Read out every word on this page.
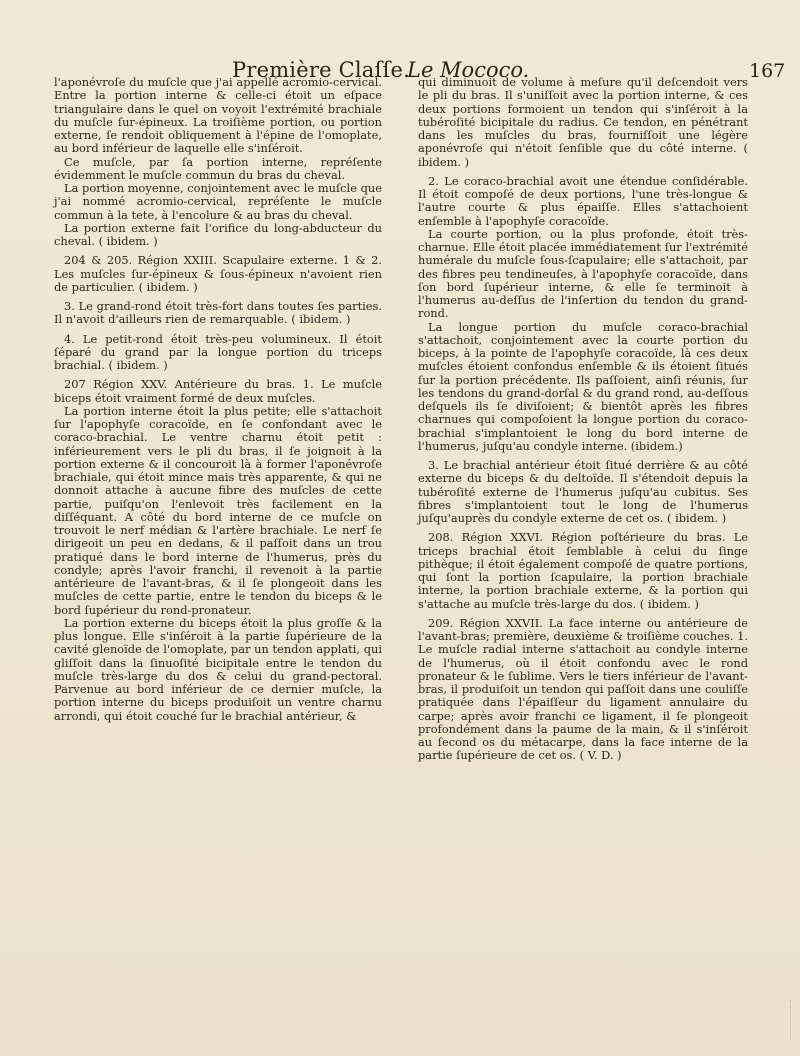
Première Claſſe.
Le Mococo.	167

l'aponévroſe du muſcle que j'ai appellé acromio-cervical. Entre la portion interne & celle-ci étoit un eſpace triangulaire dans le quel on voyoit l'extrémité brachiale du muſcle ſur-épineux. La troiſième portion, ou portion externe, ſe rendoit obliquement à l'épine de l'omoplate, au bord inférieur de laquelle elle s'inſéroit.

Ce muſcle, par ſa portion interne, repréſente évidemment le muſcle commun du bras du cheval.

La portion moyenne, conjointement avec le muſcle que j'ai nommé acromio-cervical, repréſente le muſcle commun à la tete, à l'encolure & au bras du cheval.

La portion externe fait l'orifice du long-abducteur du cheval. ( ibidem. )

204 & 205. Région XXIII. Scapulaire externe. 1 & 2. Les muſcles ſur-épineux & ſous-épineux n'avoient rien de particulier. ( ibidem. )

3. Le grand-rond étoit très-fort dans toutes ſes parties. Il n'avoit d'ailleurs rien de remarquable. ( ibidem. )

4. Le petit-rond étoit très-peu volumineux. Il étoit ſéparé du grand par la longue portion du triceps brachial. ( ibidem. )

207 Région XXV. Antérieure du bras. 1. Le muſcle biceps étoit vraiment formé de deux muſcles.

La portion interne étoit la plus petite; elle s'attachoit ſur l'apophyſe coracoïde, en ſe confondant avec le coraco-brachial. Le ventre charnu étoit petit : inférieurement vers le pli du bras, il ſe joignoit à la portion externe & il concouroit là à former l'aponévroſe brachiale, qui étoit mince mais très apparente, & qui ne donnoit attache à aucune fibre des muſcles de cette partie, puiſqu'on l'enlevoit très facilement en la diſſéquant. A côté du bord interne de ce muſcle on trouvoit le nerf médian & l'artère brachiale. Le nerf ſe dirigeoit un peu en dedans, & il paſſoit dans un trou pratiqué dans le bord interne de l'humerus, près du condyle; après l'avoir franchi, il revenoit à la partie antérieure de l'avant-bras, & il ſe plongeoit dans les muſcles de cette partie, entre le tendon du biceps & le bord ſupérieur du rond-pronateur.

La portion externe du biceps étoit la plus groſſe & la plus longue. Elle s'inſéroit à la partie ſupérieure de la cavité glenoïde de l'omoplate, par un tendon applati, qui gliſſoit dans la ſinuoſité bicipitale entre le tendon du muſcle très-large du dos & celui du grand-pectoral. Parvenue au bord inférieur de ce dernier muſcle, la portion interne du biceps produiſoit un ventre charnu arrondi, qui étoit couché ſur le brachial antérieur, &

qui diminuoit de volume à meſure qu'il deſcendoit vers le pli du bras. Il s'uniſſoit avec la portion interne, & ces deux portions formoient un tendon qui s'inſéroit à la tubéroſité bicipitale du radius. Ce tendon, en pénétrant dans les muſcles du bras, fourniſſoit une légère aponévroſe qui n'étoit ſenſible que du côté interne. ( ibidem. )

2. Le coraco-brachial avoit une étendue conſidérable. Il étoit compoſé de deux portions, l'une très-longue & l'autre courte & plus épaiſſe. Elles s'attachoient enſemble à l'apophyſe coracoïde.

La courte portion, ou la plus profonde, étoit très-charnue. Elle étoit placée immédiatement ſur l'extrémité humérale du muſcle ſous-ſcapulaire; elle s'attachoit, par des fibres peu tendineuſes, à l'apophyſe coracoïde, dans ſon bord ſupérieur interne, & elle ſe terminoit à l'humerus au-deſſus de l'inſertion du tendon du grand-rond.

La longue portion du muſcle coraco-brachial s'attachoit, conjointement avec la courte portion du biceps, à la pointe de l'apophyſe coracoïde, là ces deux muſcles étoient confondus enſemble & ils étoient ſitués ſur la portion précédente. Ils paſſoient, ainſi réunis, ſur les tendons du grand-dorſal & du grand rond, au-deſſous deſquels ils ſe diviſoient; & bientôt après les fibres charnues qui compoſoient la longue portion du coraco-brachial s'implantoient le long du bord interne de l'humerus, juſqu'au condyle interne. (ibidem.)

3. Le brachial antérieur étoit ſitué derrière & au côté externe du biceps & du deltoïde. Il s'étendoit depuis la tubéroſité externe de l'humerus juſqu'au cubitus. Ses fibres s'implantoient tout le long de l'humerus juſqu'auprès du condyle externe de cet os. ( ibidem. )

208. Région XXVI. Région poſtérieure du bras. Le triceps brachial étoit ſemblable à celui du ſinge pithèque; il étoit également compoſé de quatre portions, qui ſont la portion ſcapulaire, la portion brachiale interne, la portion brachiale externe, & la portion qui s'attache au muſcle très-large du dos. ( ibidem. )

209. Région XXVII. La face interne ou antérieure de l'avant-bras; première, deuxième & troiſième couches. 1. Le muſcle radial interne s'attachoit au condyle interne de l'humerus, où il étoit confondu avec le rond pronateur & le ſublime. Vers le tiers inférieur de l'avant-bras, il produiſoit un tendon qui paſſoit dans une couliſſe pratiquée dans l'épaiſſeur du ligament annulaire du carpe; après avoir franchi ce ligament, il ſe plongeoit profondément dans la paume de la main, & il s'inſéroit au ſecond os du métacarpe, dans la face interne de la partie ſupérieure de cet os. ( V. D. )
